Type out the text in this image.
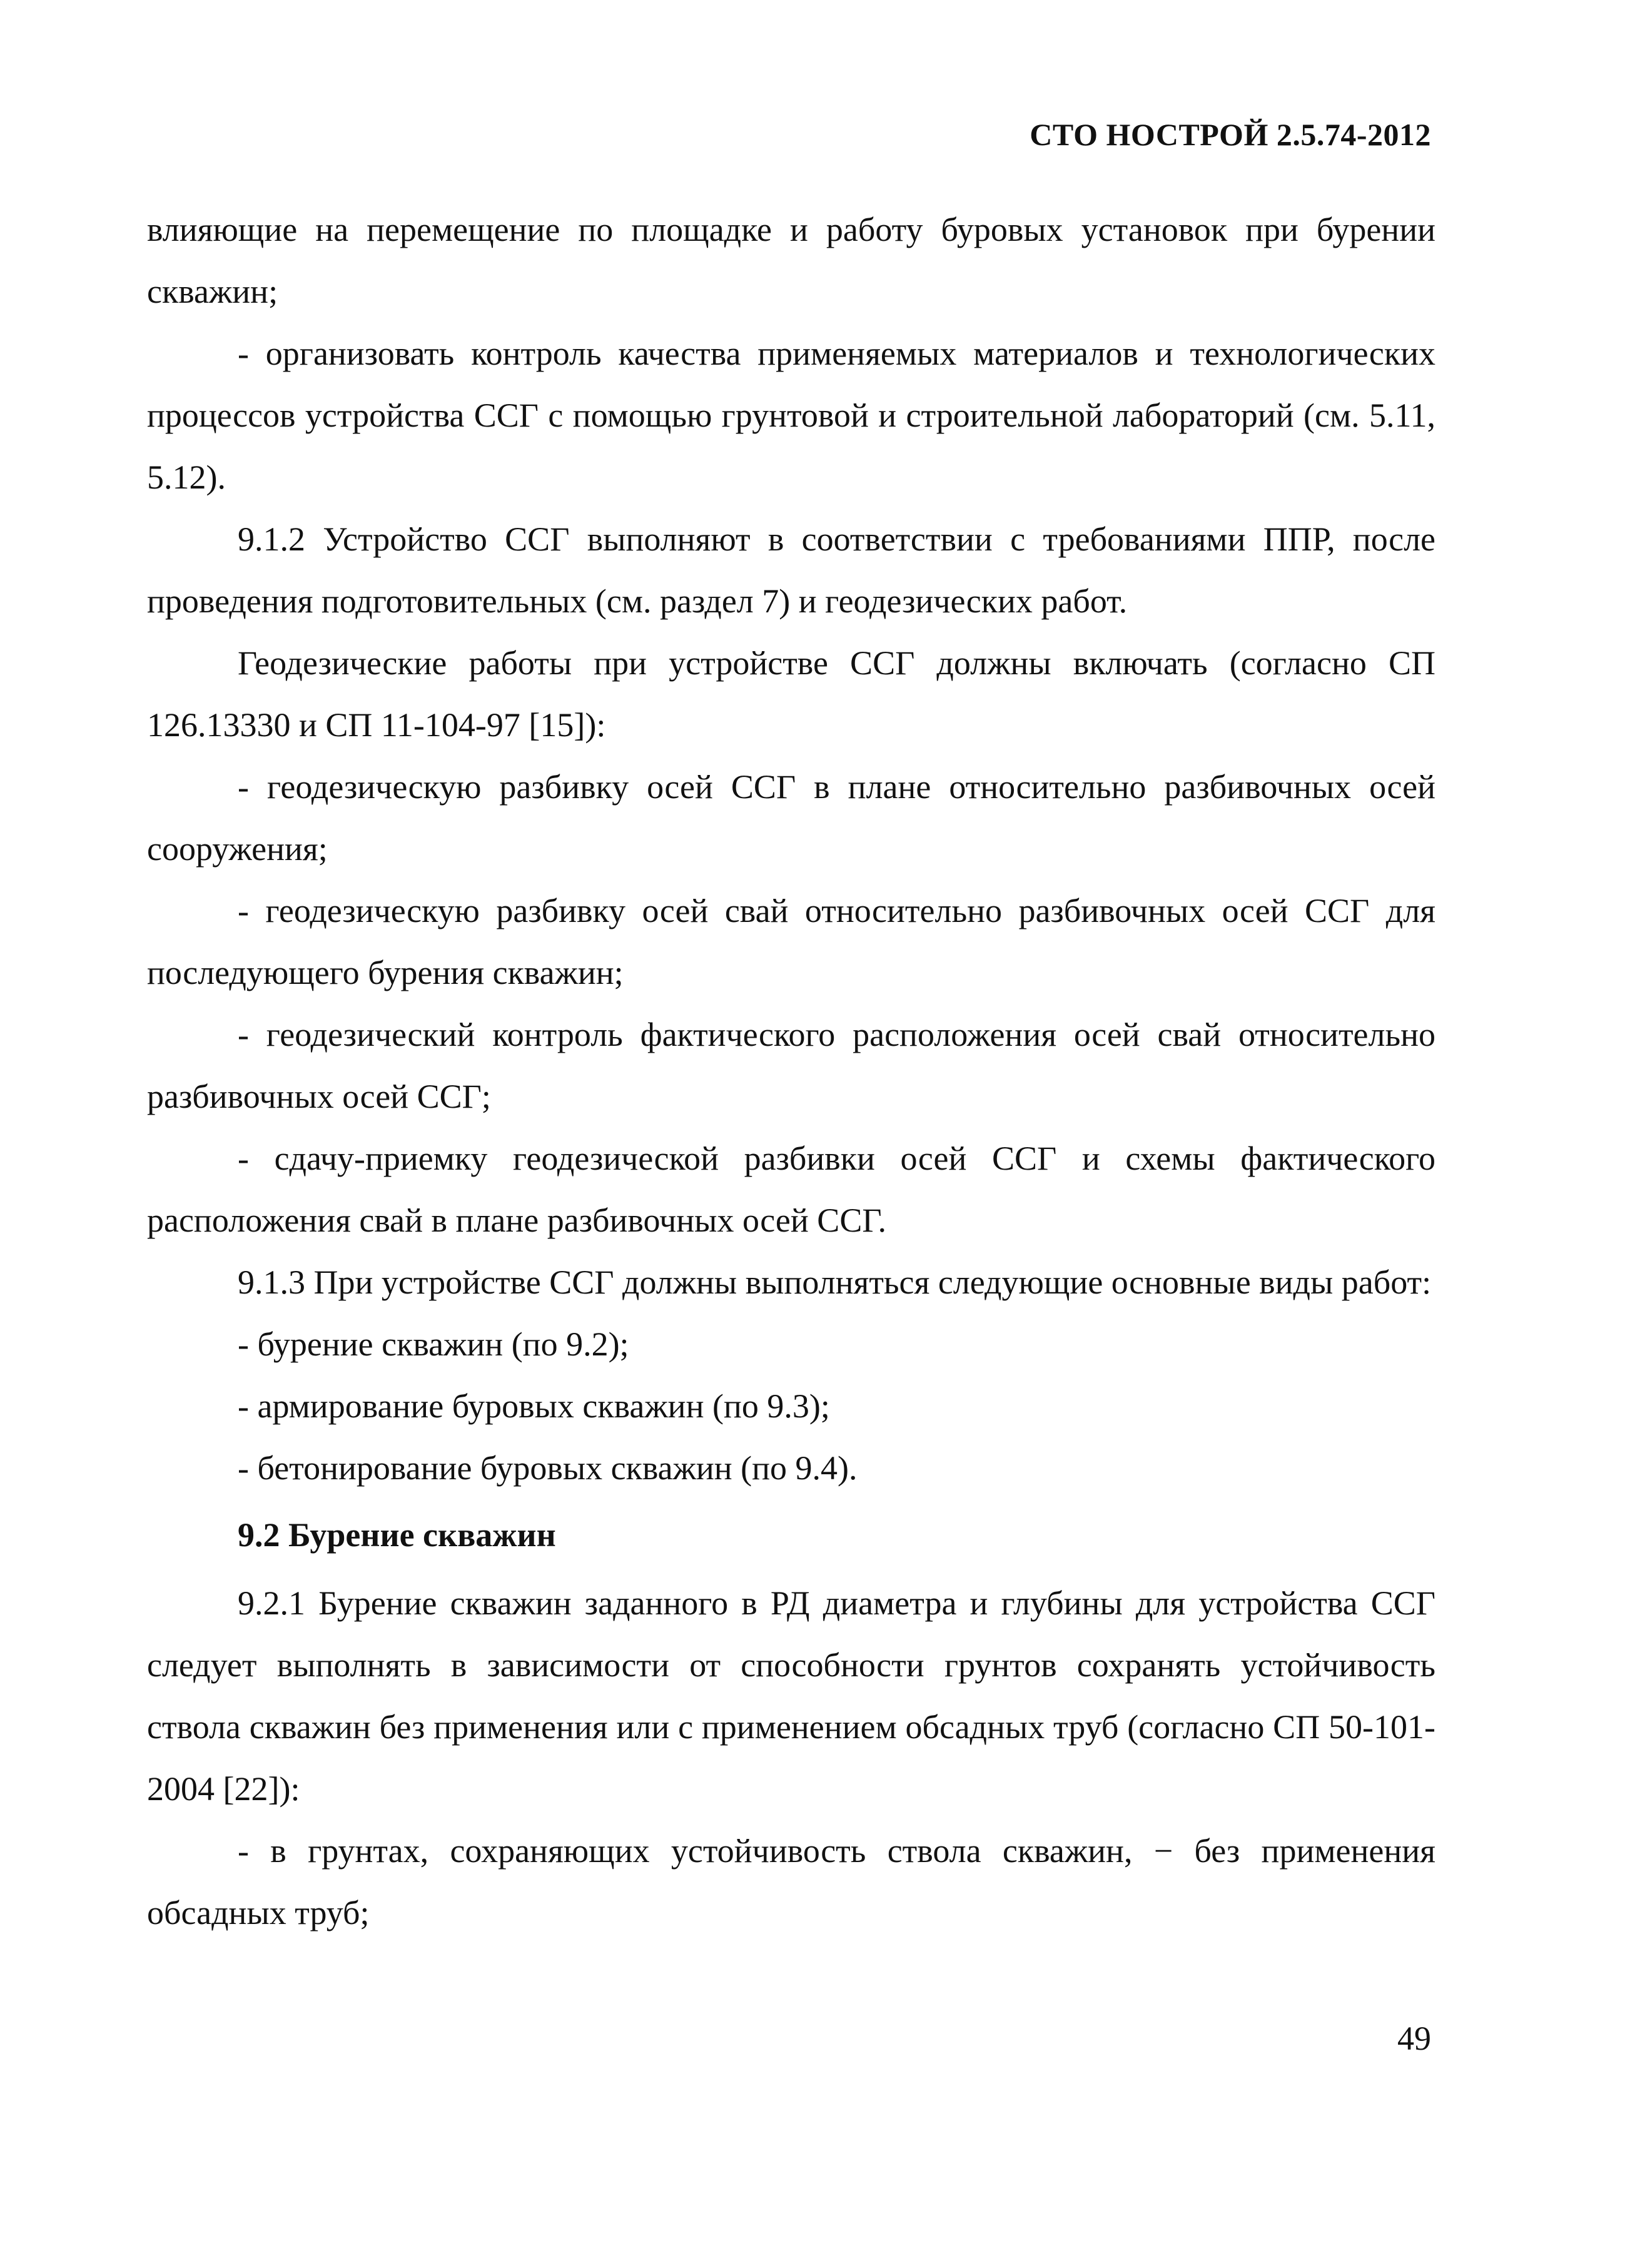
СТО НОСТРОЙ 2.5.74-2012

влияющие на перемещение по площадке и работу буровых установок при бурении скважин;

- организовать контроль качества применяемых материалов и технологических процессов устройства ССГ с помощью грунтовой и строительной лабораторий (см. 5.11, 5.12).

9.1.2 Устройство ССГ выполняют в соответствии с требованиями ППР, после проведения подготовительных (см. раздел 7) и геодезических работ.

Геодезические работы при устройстве ССГ должны включать (согласно СП 126.13330 и СП 11-104-97 [15]):

- геодезическую разбивку осей ССГ в плане относительно разбивочных осей сооружения;

- геодезическую разбивку осей свай относительно разбивочных осей ССГ для последующего бурения скважин;

- геодезический контроль фактического расположения осей свай относительно разбивочных осей ССГ;

- сдачу-приемку геодезической разбивки осей ССГ и схемы фактического расположения свай в плане разбивочных осей ССГ.

9.1.3 При устройстве ССГ должны выполняться следующие основные виды работ:

- бурение скважин (по 9.2);

- армирование буровых скважин (по 9.3);

- бетонирование буровых скважин (по 9.4).

9.2 Бурение скважин

9.2.1 Бурение скважин заданного в РД диаметра и глубины для устройства ССГ следует выполнять в зависимости от способности грунтов сохранять устойчивость ствола скважин без применения или с применением обсадных труб (согласно СП 50-101-2004 [22]):

- в грунтах, сохраняющих устойчивость ствола скважин, − без применения обсадных труб;

49
